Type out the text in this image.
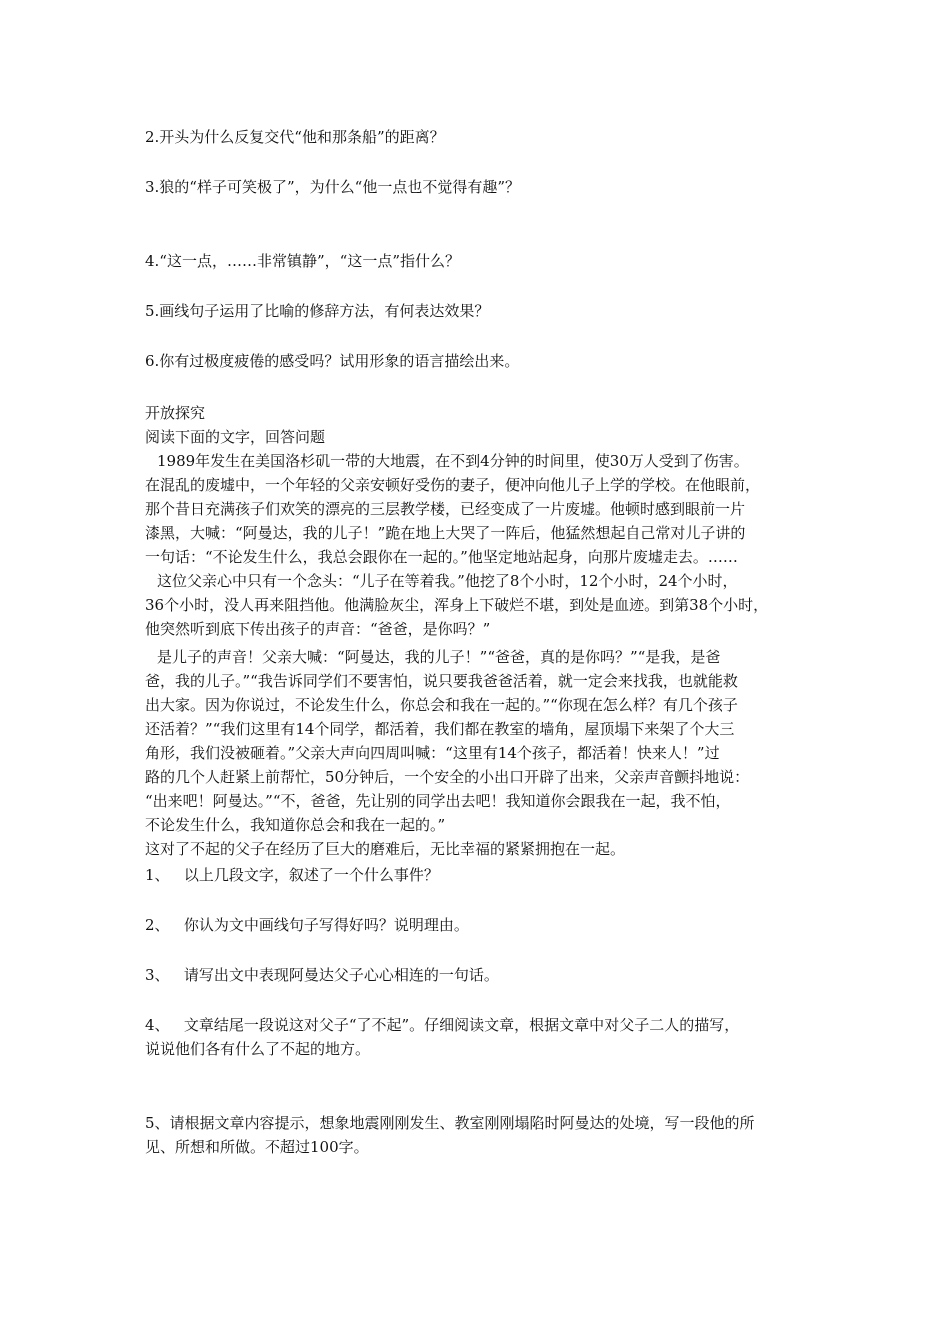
2.开头为什么反复交代“他和那条船”的距离？
3.狼的“样子可笑极了”，为什么“他一点也不觉得有趣”？
4.“这一点，……非常镇静”，“这一点”指什么？
5.画线句子运用了比喻的修辞方法，有何表达效果？
6.你有过极度疲倦的感受吗？试用形象的语言描绘出来。
开放探究
阅读下面的文字，回答问题
1989年发生在美国洛杉矶一带的大地震，在不到4分钟的时间里，使30万人受到了伤害。
在混乱的废墟中，一个年轻的父亲安顿好受伤的妻子，便冲向他儿子上学的学校。在他眼前，
那个昔日充满孩子们欢笑的漂亮的三层教学楼，已经变成了一片废墟。他顿时感到眼前一片
漆黑，大喊：“阿曼达，我的儿子！”跪在地上大哭了一阵后，他猛然想起自己常对儿子讲的
一句话：“不论发生什么，我总会跟你在一起的。”他坚定地站起身，向那片废墟走去。……
这位父亲心中只有一个念头：“儿子在等着我。”他挖了8个小时，12个小时，24个小时，
36个小时，没人再来阻挡他。他满脸灰尘，浑身上下破烂不堪，到处是血迹。到第38个小时，
他突然听到底下传出孩子的声音：“爸爸，是你吗？”
是儿子的声音！父亲大喊：“阿曼达，我的儿子！”“爸爸，真的是你吗？”“是我，是爸
爸，我的儿子。”“我告诉同学们不要害怕，说只要我爸爸活着，就一定会来找我，也就能救
出大家。因为你说过，不论发生什么，你总会和我在一起的。”“你现在怎么样？有几个孩子
还活着？”“我们这里有14个同学，都活着，我们都在教室的墙角，屋顶塌下来架了个大三
角形，我们没被砸着。”父亲大声向四周叫喊：“这里有14个孩子，都活着！快来人！”过
路的几个人赶紧上前帮忙，50分钟后，一个安全的小出口开辟了出来，父亲声音颤抖地说：
“出来吧！阿曼达。”“不，爸爸，先让别的同学出去吧！我知道你会跟我在一起，我不怕，
不论发生什么，我知道你总会和我在一起的。”
这对了不起的父子在经历了巨大的磨难后，无比幸福的紧紧拥抱在一起。
1、   以上几段文字，叙述了一个什么事件？
2、   你认为文中画线句子写得好吗？说明理由。
3、   请写出文中表现阿曼达父子心心相连的一句话。
4、   文章结尾一段说这对父子“了不起”。仔细阅读文章，根据文章中对父子二人的描写，
说说他们各有什么了不起的地方。
5、请根据文章内容提示，想象地震刚刚发生、教室刚刚塌陷时阿曼达的处境，写一段他的所
见、所想和所做。不超过100字。
